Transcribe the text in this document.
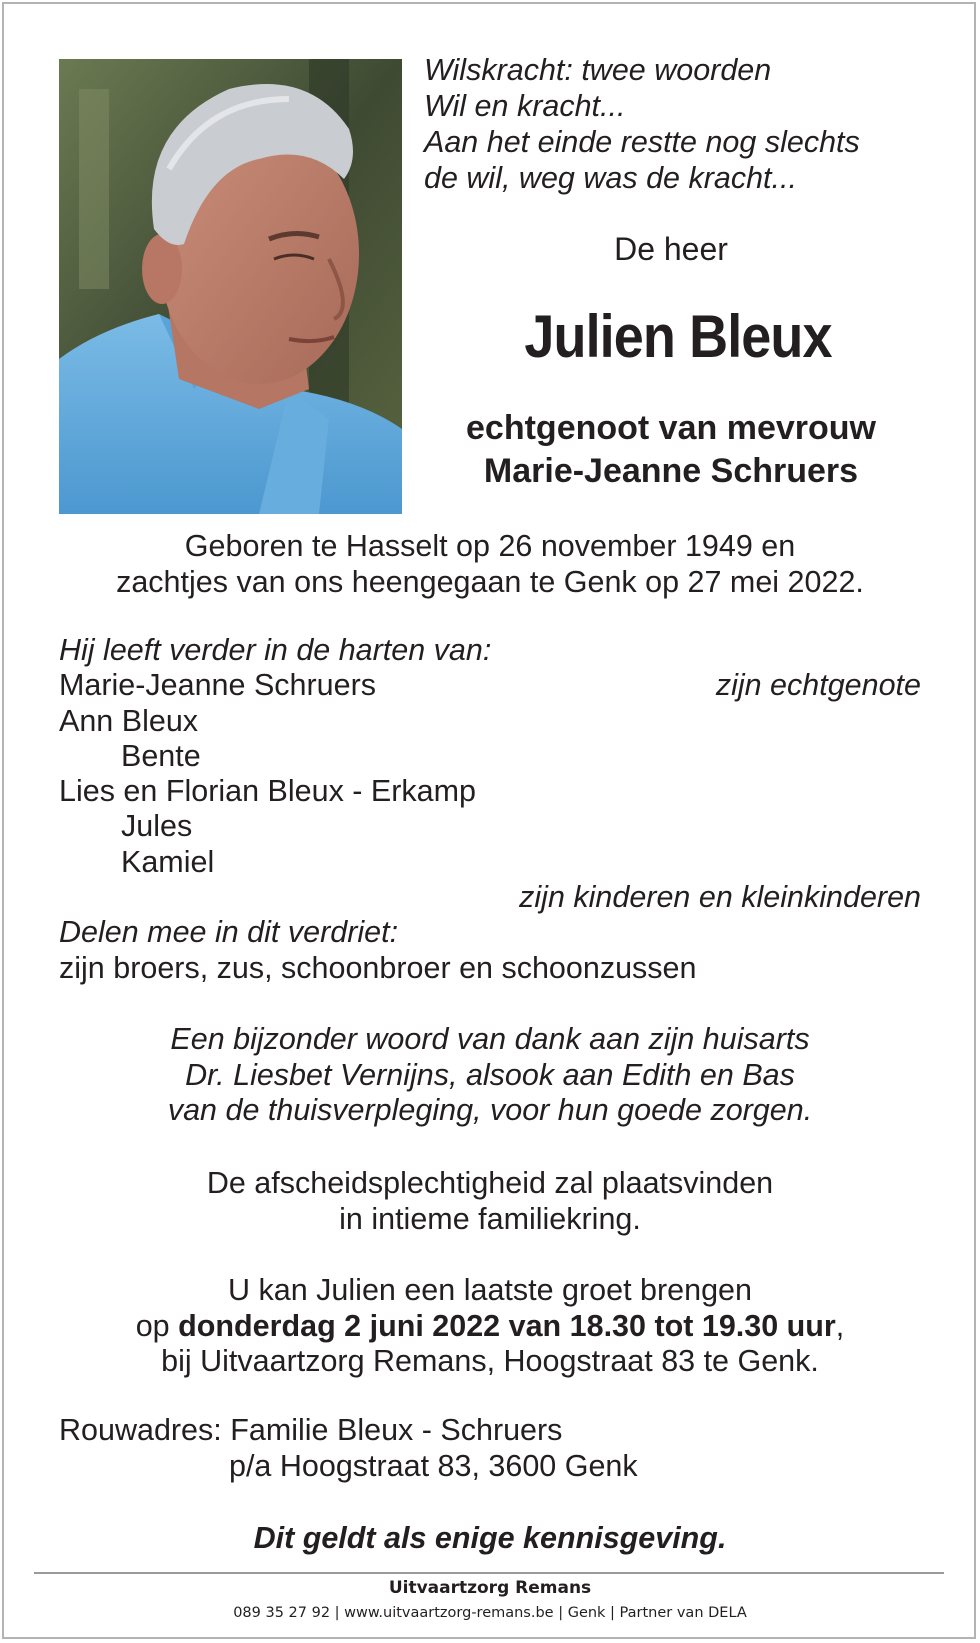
Wilskracht: twee woorden
Wil en kracht...
Aan het einde restte nog slechts
de wil, weg was de kracht...
De heer
Julien Bleux
echtgenoot van mevrouw
Marie-Jeanne Schruers
Geboren te Hasselt op 26 november 1949 en
zachtjes van ons heengegaan te Genk op 27 mei 2022.
Hij leeft verder in de harten van:
Marie-Jeanne Schruers	zijn echtgenote
Ann Bleux
Bente
Lies en Florian Bleux - Erkamp
Jules
Kamiel
zijn kinderen en kleinkinderen
Delen mee in dit verdriet:
zijn broers, zus, schoonbroer en schoonzussen
Een bijzonder woord van dank aan zijn huisarts
Dr. Liesbet Vernijns, alsook aan Edith en Bas
van de thuisverpleging, voor hun goede zorgen.
De afscheidsplechtigheid zal plaatsvinden
in intieme familiekring.
U kan Julien een laatste groet brengen
op donderdag 2 juni 2022 van 18.30 tot 19.30 uur,
bij Uitvaartzorg Remans, Hoogstraat 83 te Genk.
Rouwadres: Familie Bleux - Schruers
p/a Hoogstraat 83, 3600 Genk
Dit geldt als enige kennisgeving.
Uitvaartzorg Remans
089 35 27 92 | www.uitvaartzorg-remans.be | Genk | Partner van DELA
